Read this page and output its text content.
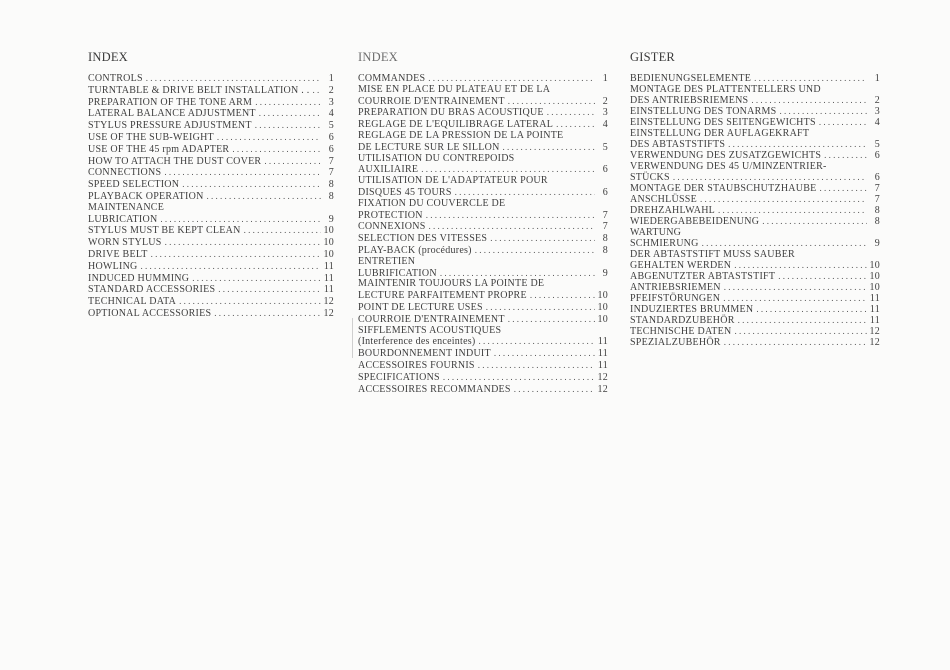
INDEX
CONTROLS . . .	1
TURNTABLE & DRIVE BELT INSTALLATION . . . . .	2
PREPARATION OF THE TONE ARM . . .	3
LATERAL BALANCE ADJUSTMENT . . .	4
STYLUS PRESSURE ADJUSTMENT . . .	5
USE OF THE SUB-WEIGHT . . .	6
USE OF THE 45 rpm ADAPTER . . .	6
HOW TO ATTACH THE DUST COVER . . .	7
CONNECTIONS . . .	7
SPEED SELECTION . . .	8
PLAYBACK OPERATION . . .	8
MAINTENANCE
LUBRICATION . . .	9
STYLUS MUST BE KEPT CLEAN . . .	10
WORN STYLUS . . .	10
DRIVE BELT . . .	10
HOWLING . . .	11
INDUCED HUMMING . . .	11
STANDARD ACCESSORIES . . .	11
TECHNICAL DATA . . .	12
OPTIONAL ACCESSORIES . . .	12
INDEX
COMMANDES . . .	1
MISE EN PLACE DU PLATEAU ET DE LA
COURROIE D'ENTRAINEMENT . . .	2
PREPARATION DU BRAS ACOUSTIQUE . . .	3
REGLAGE DE L'EQUILIBRAGE LATERAL . . .	4
REGLAGE DE LA PRESSION DE LA POINTE
DE LECTURE SUR LE SILLON . . .	5
UTILISATION DU CONTREPOIDS
AUXILIAIRE . . .	6
UTILISATION DE L'ADAPTATEUR POUR
DISQUES 45 TOURS . . .	6
FIXATION DU COUVERCLE DE
PROTECTION . . .	7
CONNEXIONS . . .	7
SELECTION DES VITESSES . . .	8
PLAY-BACK (procédures) . . .	8
ENTRETIEN
LUBRIFICATION . . .	9
MAINTENIR TOUJOURS LA POINTE DE
LECTURE PARFAITEMENT PROPRE . . .	10
POINT DE LECTURE USES . . .	10
COURROIE D'ENTRAINEMENT . . .	10
SIFFLEMENTS ACOUSTIQUES
(Interference des enceintes) . . .	11
BOURDONNEMENT INDUIT . . .	11
ACCESSOIRES FOURNIS . . .	11
SPECIFICATIONS . . .	12
ACCESSOIRES RECOMMANDES . . .	12
GISTER
BEDIENUNGSELEMENTE . . .	1
MONTAGE DES PLATTENTELLERS UND
DES ANTRIEBSRIEMENS . . .	2
EINSTELLUNG DES TONARMS . . .	3
EINSTELLUNG DES SEITENGEWICHTS . . .	4
EINSTELLUNG DER AUFLAGEKRAFT
DES ABTASTSTIFTS . . .	5
VERWENDUNG DES ZUSATZGEWICHTS . . .	6
VERWENDUNG DES 45 U/MINZENTRIER-
STÜCKS . . .	6
MONTAGE DER STAUBSCHUTZHAUBE . . .	7
ANSCHLÜSSE . . .	7
DREHZAHLWAHL . . .	8
WIEDERGABEBEIDENUNG . . .	8
WARTUNG
SCHMIERUNG . . .	9
DER ABTASTSTIFT MUSS SAUBER
GEHALTEN WERDEN . . .	10
ABGENUTZTER ABTASTSTIFT . . .	10
ANTRIEBSRIEMEN . . .	10
PFEIFSTÖRUNGEN . . .	11
INDUZIERTES BRUMMEN . . .	11
STANDARDZUBEHÖR . . .	11
TECHNISCHE DATEN . . .	12
SPEZIALZUBEHÖR . . .	12
